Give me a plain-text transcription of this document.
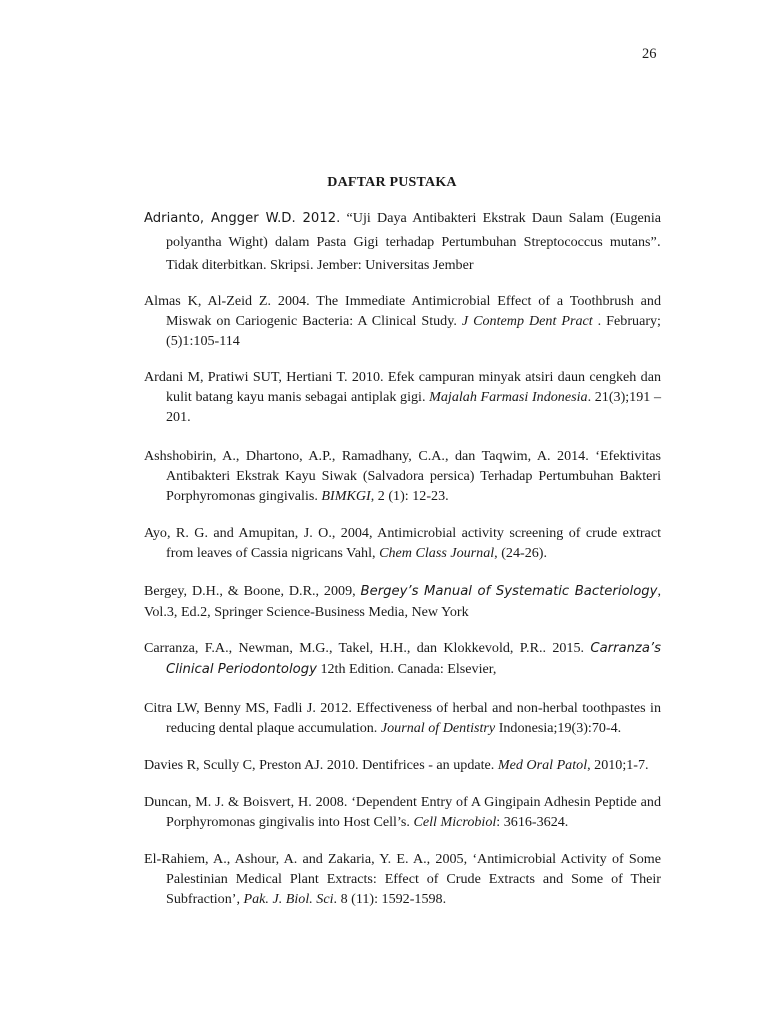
26
DAFTAR PUSTAKA

Adrianto, Angger W.D. 2012. “Uji Daya Antibakteri Ekstrak Daun Salam (Eugenia polyantha Wight) dalam Pasta Gigi terhadap Pertumbuhan Streptococcus mutans”. Tidak diterbitkan. Skripsi. Jember: Universitas Jember

Almas K, Al-Zeid Z. 2004. The Immediate Antimicrobial Effect of a Toothbrush and Miswak on Cariogenic Bacteria: A Clinical Study. J Contemp Dent Pract . February;(5)1:105-114

Ardani M, Pratiwi SUT, Hertiani T. 2010. Efek campuran minyak atsiri daun cengkeh dan kulit batang kayu manis sebagai antiplak gigi. Majalah Farmasi Indonesia. 21(3);191 – 201.

Ashshobirin, A., Dhartono, A.P., Ramadhany, C.A., dan Taqwim, A. 2014. ‘Efektivitas Antibakteri Ekstrak Kayu Siwak (Salvadora persica) Terhadap Pertumbuhan Bakteri Porphyromonas gingivalis. BIMKGI, 2 (1): 12-23.

Ayo, R. G. and Amupitan, J. O., 2004, Antimicrobial activity screening of crude extract from leaves of Cassia nigricans Vahl, Chem Class Journal, (24-26).

Bergey, D.H., & Boone, D.R., 2009, Bergey’s Manual of Systematic Bacteriology, Vol.3, Ed.2, Springer Science-Business Media, New York

Carranza, F.A., Newman, M.G., Takel, H.H., dan Klokkevold, P.R.. 2015. Carranza’s Clinical Periodontology 12th Edition. Canada: Elsevier,

Citra LW, Benny MS, Fadli J. 2012. Effectiveness of herbal and non-herbal toothpastes in reducing dental plaque accumulation. Journal of Dentistry Indonesia;19(3):70-4.

Davies R, Scully C, Preston AJ. 2010. Dentifrices - an update. Med Oral Patol, 2010;1-7.

Duncan, M. J. & Boisvert, H. 2008. ‘Dependent Entry of A Gingipain Adhesin Peptide and Porphyromonas gingivalis into Host Cell’s. Cell Microbiol: 3616-3624.

El-Rahiem, A., Ashour, A. and Zakaria, Y. E. A., 2005, ‘Antimicrobial Activity of Some Palestinian Medical Plant Extracts: Effect of Crude Extracts and Some of Their Subfraction’, Pak. J. Biol. Sci. 8 (11): 1592-1598.
